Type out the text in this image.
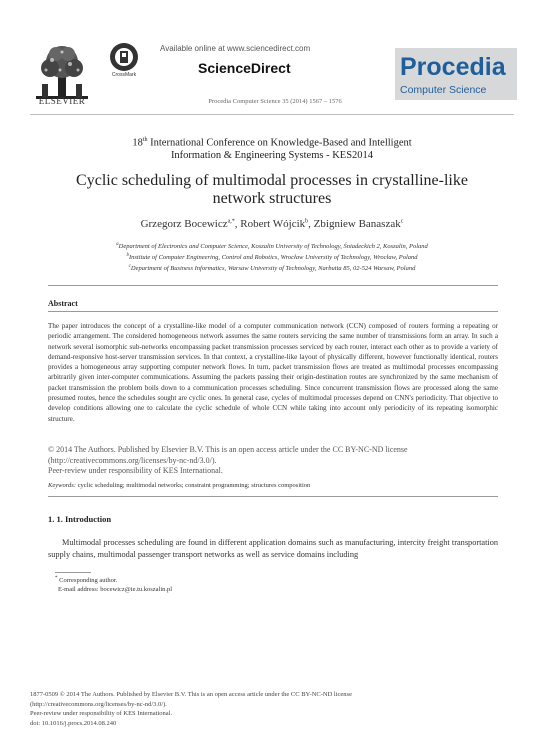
ELSEVIER
CrossMark
Available online at www.sciencedirect.com
ScienceDirect
Procedia Computer Science 35 (2014) 1567 – 1576
Procedia
Computer Science
18th International Conference on Knowledge-Based and Intelligent
Information & Engineering Systems - KES2014
Cyclic scheduling of multimodal processes in crystalline-like
network structures
Grzegorz Bocewicz$^{a,*}$, Robert Wójcik$^b$, Zbigniew Banaszak$^c$
$^a$Department of Electronics and Computer Science, Koszalin University of Technology, Śniadeckich 2, Koszalin, Poland
$^b$Institute of Computer Engineering, Control and Robotics, Wrocław University of Technology, Wrocław, Poland
$^c$Department of Business Informatics, Warsaw University of Technology, Narbutta 85, 02-524 Warsaw, Poland
Abstract
The paper introduces the concept of a crystalline-like model of a computer communication network (CCN) composed of routers forming a repeating or periodic arrangement. The considered homogeneous network assumes the same routers servicing the same number of transmissions form an array. In such a network several isomorphic sub-networks encompassing packet transmission processes serviced by each router, interact each other as to provide a variety of demand-responsive host-server transmission services. In that context, a crystalline-like layout of physically different, however functionally identical, routers provides a homogeneous array supporting computer network flows. In turn, packet transmission flows are treated as multimodal processes encompassing arbitrarily given inter-computer communications. Assuming the packets passing their origin-destination routes are synchronized by the same mechanism of packet transmission the problem boils down to a communication processes scheduling. Since concurrent transmission flows are processed along the same presumed routes, hence the schedules sought are cyclic ones. In general case, cycles of multimodal processes depend on CNN's periodicity. That objective to develop conditions allowing one to calculate the cyclic schedule of whole CCN while taking into account only periodicity of its repeating isomorphic structure.
© 2014 The Authors. Published by Elsevier B.V. This is an open access article under the CC BY-NC-ND license
(http://creativecommons.org/licenses/by-nc-nd/3.0/).
Peer-review under responsibility of KES International.
Keywords: cyclic scheduling; multimodal networks; constraint programming; structures composition
1. 1. Introduction
Multimodal processes scheduling are found in different application domains such as manufacturing, intercity freight transportation supply chains, multimodal passenger transport networks as well as service domains including
* Corresponding author.
E-mail address: bocewicz@ie.tu.koszalin.pl
1877-0509 © 2014 The Authors. Published by Elsevier B.V. This is an open access article under the CC BY-NC-ND license
(http://creativecommons.org/licenses/by-nc-nd/3.0/).
Peer-review under responsibility of KES International.
doi: 10.1016/j.procs.2014.08.240
